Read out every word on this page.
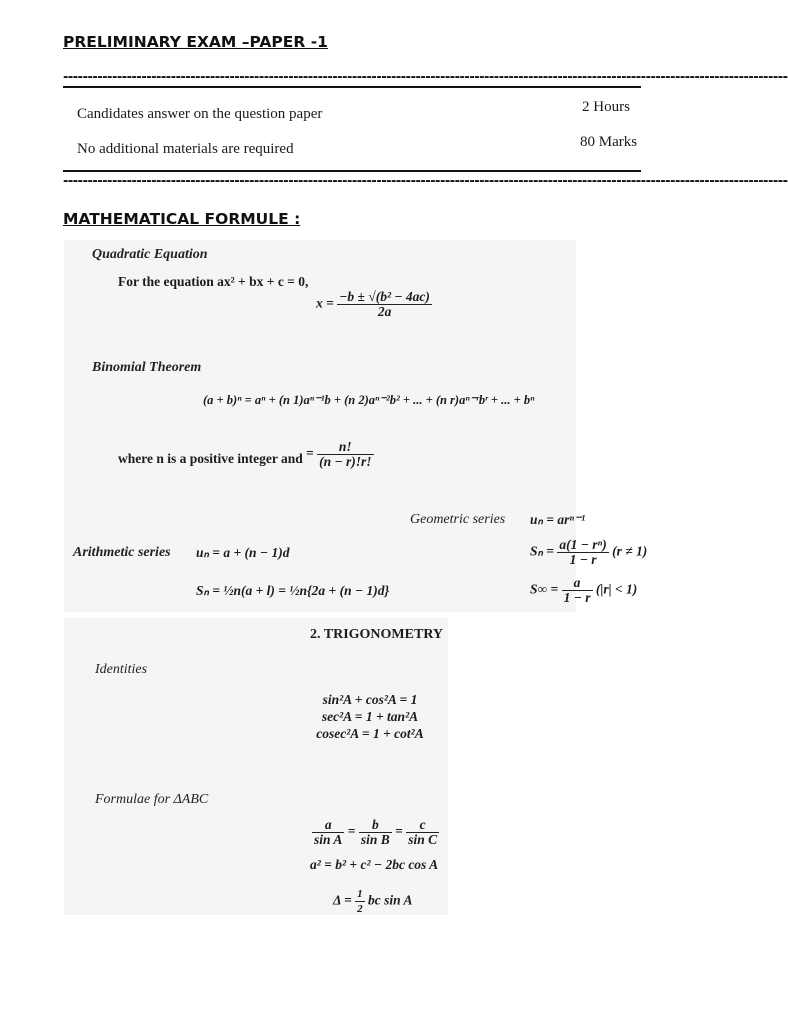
PRELIMINARY EXAM –PAPER -1
----------------------------------------------------------------------------------------------------------------------------------------------------
Candidates answer on the question paper
No additional materials are required
2 Hours
80 Marks
----------------------------------------------------------------------------------------------------------------------------------------------------
MATHEMATICAL FORMULE :
Quadratic Equation
For the equation ax² + bx + c = 0,
$x = \frac{\text{−b ± √(b² − 4ac)}}{2a}$
Binomial Theorem
(a + b)ⁿ = aⁿ + (n 1)aⁿ⁻¹b + (n 2)aⁿ⁻²b² + ... + (n r)aⁿ⁻ʳbʳ + ... + bⁿ
where n is a positive integer and = $\frac{n!}{(n - r)!r!}$
Geometric series uₙ = arⁿ⁻¹
Arithmetic series uₙ = a + (n − 1)d
Sₙ = ½n(a + l) = ½n{2a + (n − 1)d}
$S_n = \frac{\text{a(1 − rⁿ)}}{1 - r} (r \ne 1)$
$S\infty = \frac{a}{1 - r} (|r| < 1)$
2. TRIGONOMETRY
Identities
sin²A + cos²A = 1
sec²A = 1 + tan²A
cosec²A = 1 + cot²A
Formulae for ΔABC
$\frac{a}{\text{sin A}} = \frac{b}{\text{sin B}} = \frac{c}{\text{sin C}}$
a² = b² + c² − 2bc cos A
$\Delta = \frac{1}{2}$ bc sin A
